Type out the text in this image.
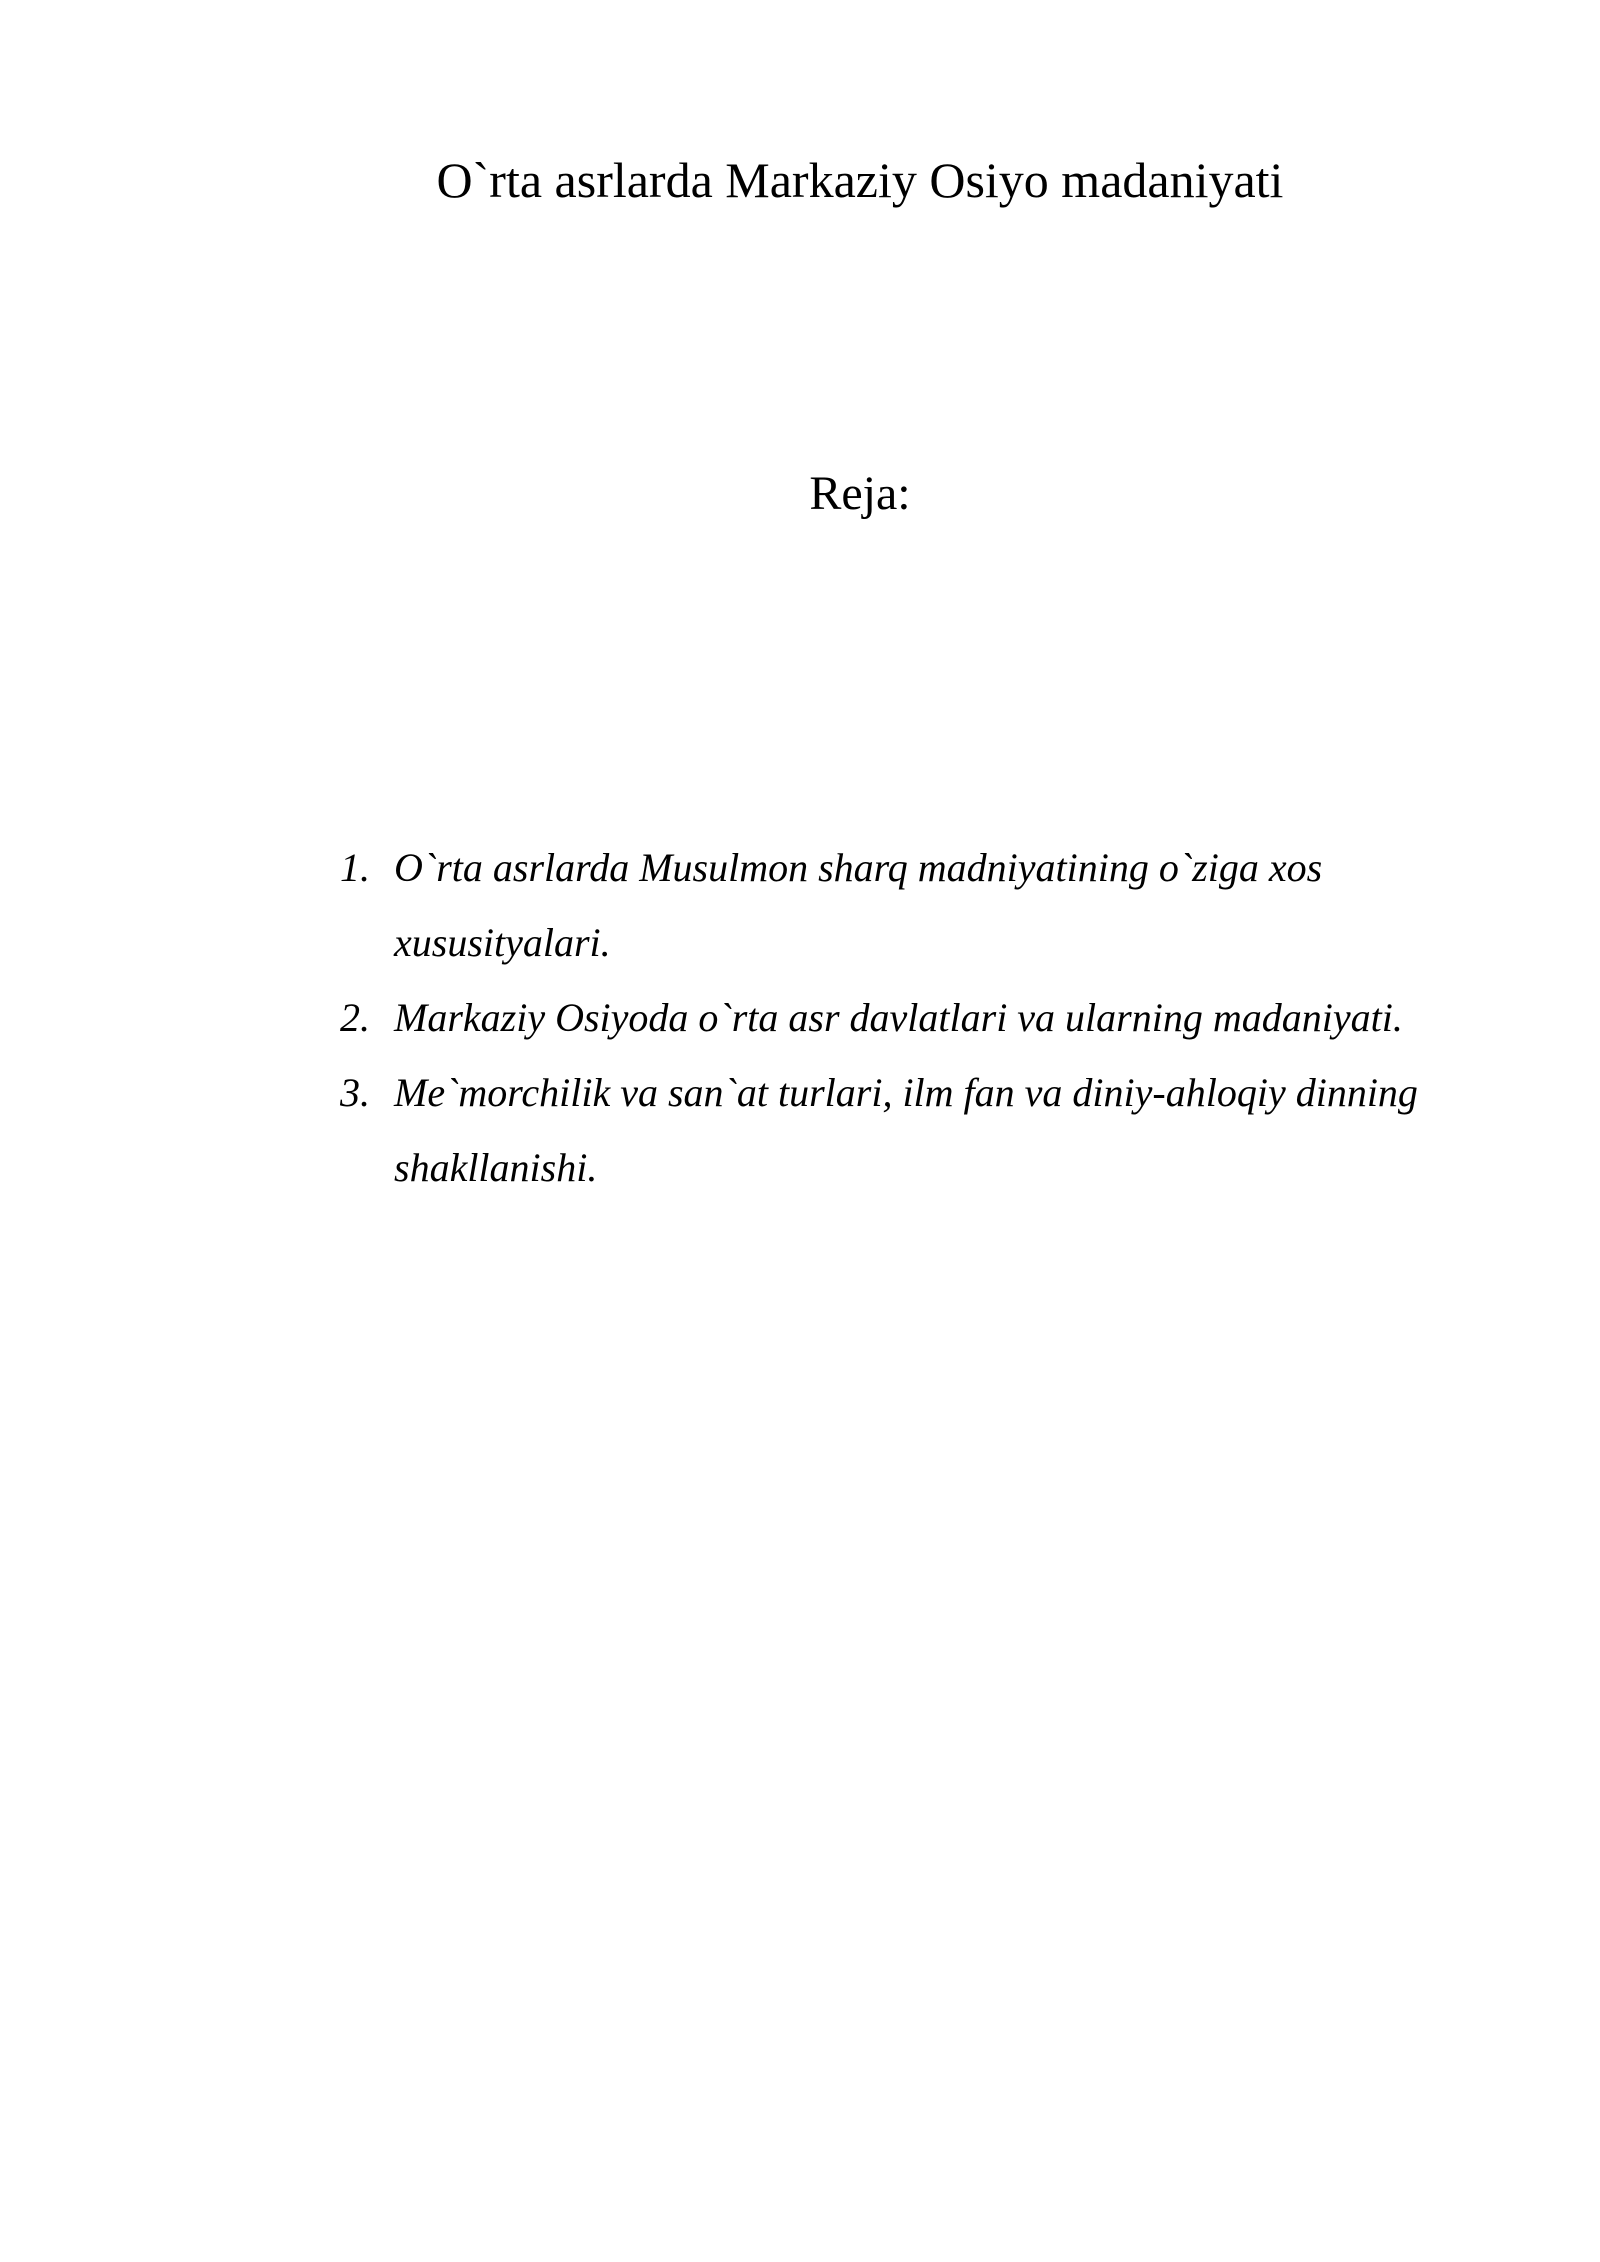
O`rta asrlarda Markaziy Osiyo madaniyati
Reja:
1. O`rta asrlarda Musulmon sharq madniyatining o`ziga xos xususityalari.
2. Markaziy Osiyoda o`rta asr davlatlari va ularning madaniyati.
3. Me`morchilik va san`at turlari, ilm fan va diniy-ahloqiy dinning shakllanishi.
